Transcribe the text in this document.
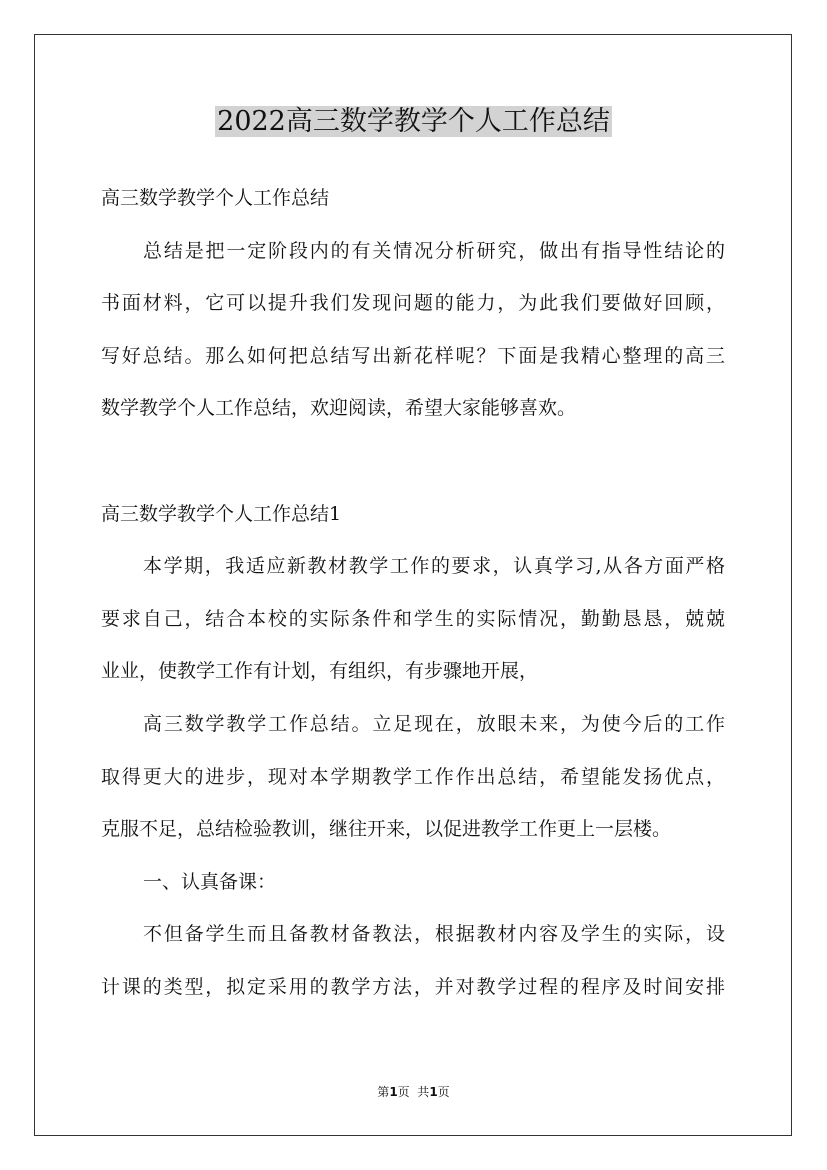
2022高三数学教学个人工作总结

高三数学教学个人工作总结

总结是把一定阶段内的有关情况分析研究，做出有指导性结论的

书面材料，它可以提升我们发现问题的能力，为此我们要做好回顾，

写好总结。那么如何把总结写出新花样呢？下面是我精心整理的高三

数学教学个人工作总结，欢迎阅读，希望大家能够喜欢。

高三数学教学个人工作总结1

本学期，我适应新教材教学工作的要求，认真学习,从各方面严格

要求自己，结合本校的实际条件和学生的实际情况，勤勤恳恳，兢兢

业业，使教学工作有计划，有组织，有步骤地开展，

高三数学教学工作总结。立足现在，放眼未来，为使今后的工作

取得更大的进步，现对本学期教学工作作出总结，希望能发扬优点，

克服不足，总结检验教训，继往开来，以促进教学工作更上一层楼。

一、认真备课：

不但备学生而且备教材备教法，根据教材内容及学生的实际，设

计课的类型，拟定采用的教学方法，并对教学过程的程序及时间安排

第1页  共1页
